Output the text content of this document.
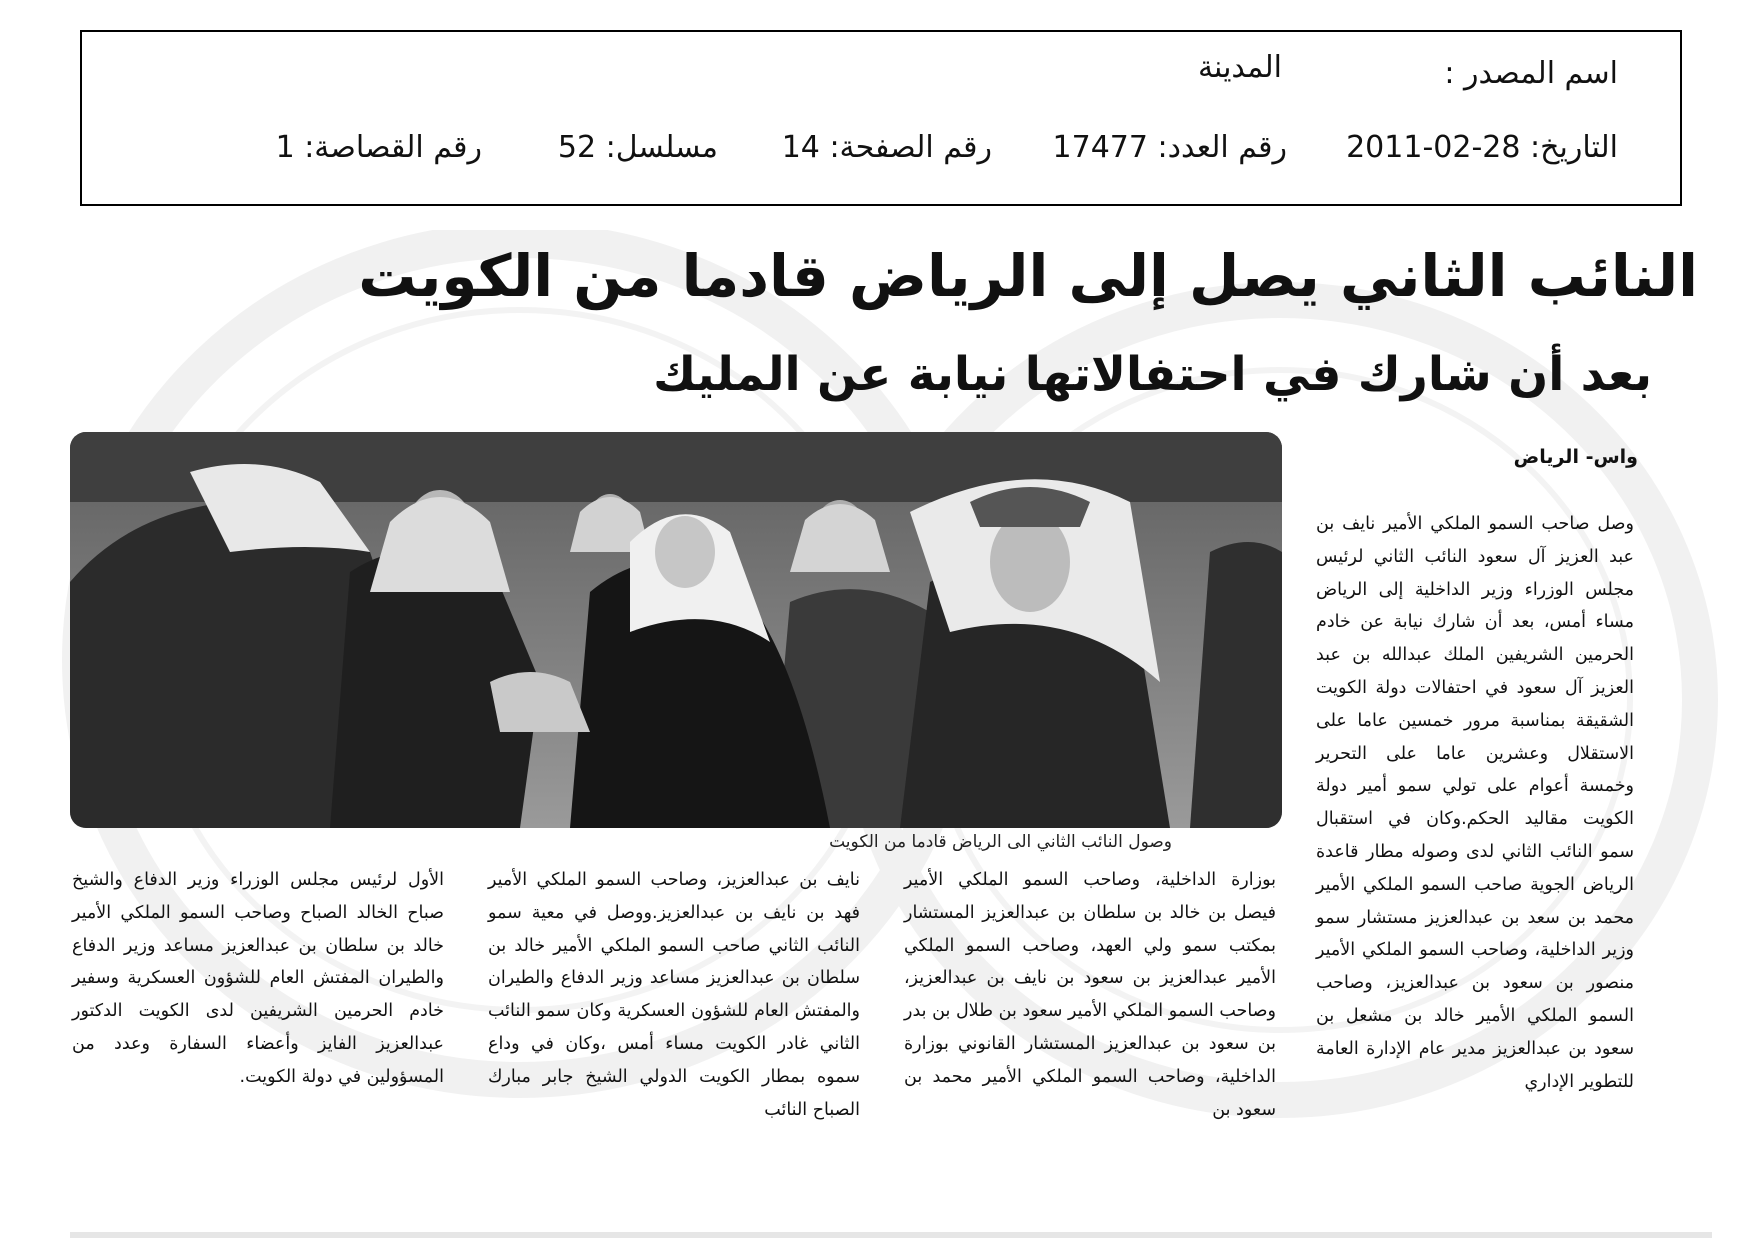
اسم المصدر :
المدينة
التاريخ: 28-02-2011
رقم العدد: 17477
رقم الصفحة: 14
مسلسل: 52
رقم القصاصة: 1
النائب الثاني يصل إلى الرياض قادما من الكويت
بعد أن شارك في احتفالاتها نيابة عن المليك
وصول النائب الثاني الى الرياض قادما من الكويت
واس- الرياض
وصل صاحب السمو الملكي الأمير نايف بن عبد العزيز آل سعود النائب الثاني لرئيس مجلس الوزراء وزير الداخلية إلى الرياض مساء أمس، بعد أن شارك نيابة عن خادم الحرمين الشريفين الملك عبدالله بن عبد العزيز آل سعود في احتفالات دولة الكويت الشقيقة بمناسبة مرور خمسين عاما على الاستقلال وعشرين عاما على التحرير وخمسة أعوام على تولي سمو أمير دولة الكويت مقاليد الحكم.وكان في استقبال سمو النائب الثاني لدى وصوله مطار قاعدة الرياض الجوية صاحب السمو الملكي الأمير محمد بن سعد بن عبدالعزيز مستشار سمو وزير الداخلية، وصاحب السمو الملكي الأمير منصور بن سعود بن عبدالعزيز، وصاحب السمو الملكي الأمير خالد بن مشعل بن سعود بن عبدالعزيز مدير عام الإدارة العامة للتطوير الإداري
بوزارة الداخلية، وصاحب السمو الملكي الأمير فيصل بن خالد بن سلطان بن عبدالعزيز المستشار بمكتب سمو ولي العهد، وصاحب السمو الملكي الأمير عبدالعزيز بن سعود بن نايف بن عبدالعزيز، وصاحب السمو الملكي الأمير سعود بن طلال بن بدر بن سعود بن عبدالعزيز المستشار القانوني بوزارة الداخلية، وصاحب السمو الملكي الأمير محمد بن سعود بن
نايف بن عبدالعزيز، وصاحب السمو الملكي الأمير فهد بن نايف بن عبدالعزيز.ووصل في معية سمو النائب الثاني صاحب السمو الملكي الأمير خالد بن سلطان بن عبدالعزيز مساعد وزير الدفاع والطيران والمفتش العام للشؤون العسكرية وكان سمو النائب الثاني غادر الكويت مساء أمس ،وكان في وداع سموه بمطار الكويت الدولي الشيخ جابر مبارك الصباح النائب
الأول لرئيس مجلس الوزراء وزير الدفاع والشيخ صباح الخالد الصباح وصاحب السمو الملكي الأمير خالد بن سلطان بن عبدالعزيز مساعد وزير الدفاع والطيران المفتش العام للشؤون العسكرية وسفير خادم الحرمين الشريفين لدى الكويت الدكتور عبدالعزيز الفايز وأعضاء السفارة وعدد من المسؤولين في دولة الكويت.
